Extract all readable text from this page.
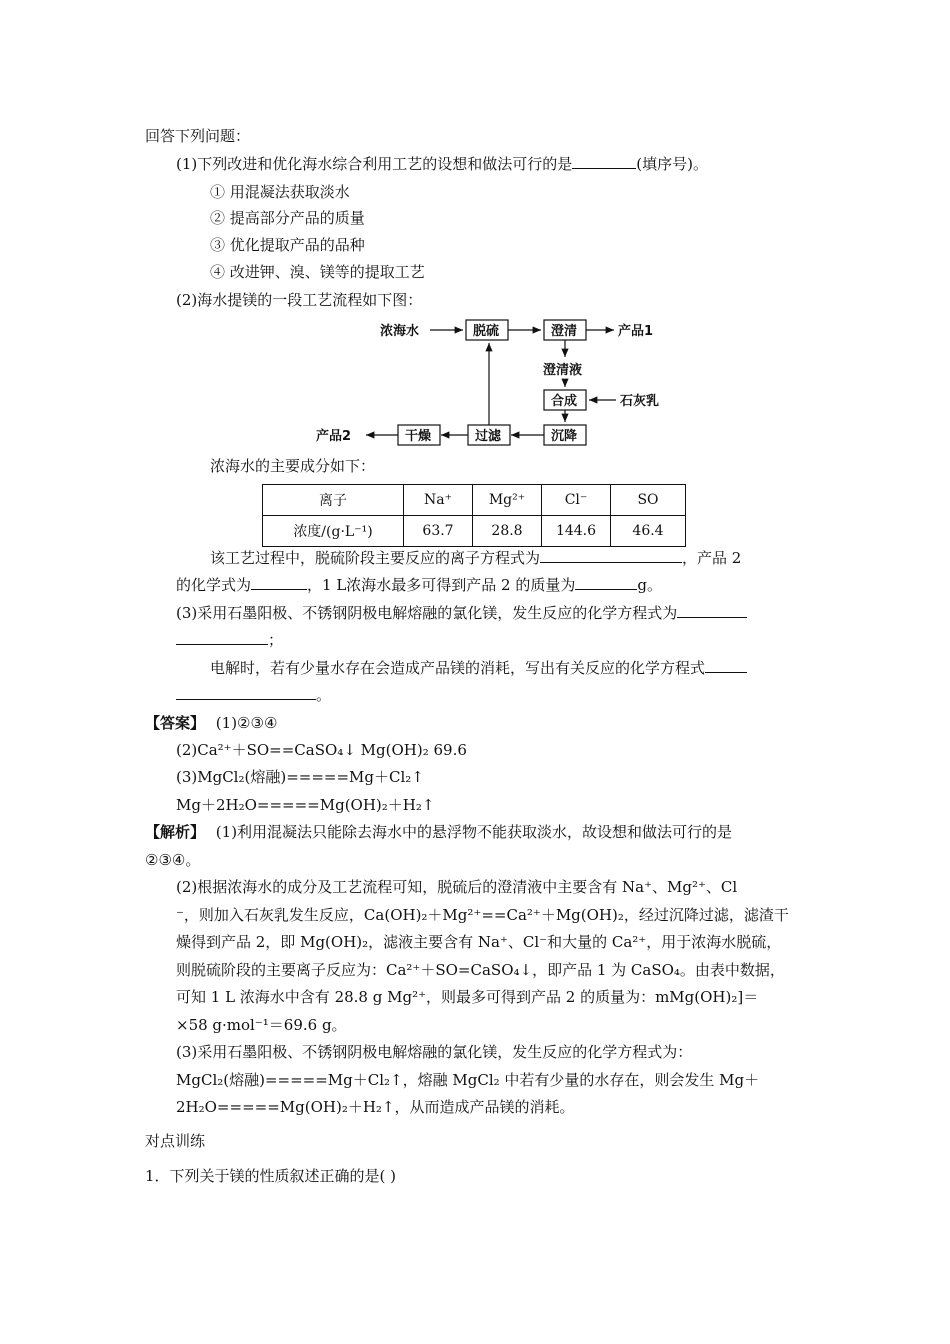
回答下列问题：
(1)下列改进和优化海水综合利用工艺的设想和做法可行的是	(填序号)。
① 用混凝法获取淡水
② 提高部分产品的质量
③ 优化提取产品的品种
④ 改进钾、溴、镁等的提取工艺
(2)海水提镁的一段工艺流程如下图：
浓海水	脱硫	澄清	产品1
澄清液
合成	石灰乳
沉降
过滤
干燥
产品2
浓海水的主要成分如下：
离子	Na⁺	Mg²⁺	Cl⁻	SO
浓度/(g·L⁻¹)	63.7	28.8	144.6	46.4
该工艺过程中，脱硫阶段主要反应的离子方程式为	，产品 2
的化学式为	，1 L浓海水最多可得到产品 2 的质量为	g。
(3)采用石墨阳极、不锈钢阴极电解熔融的氯化镁，发生反应的化学方程式为
；
电解时，若有少量水存在会造成产品镁的消耗，写出有关反应的化学方程式
。
【答案】 (1)②③④
(2)Ca²⁺＋SO==CaSO₄↓ Mg(OH)₂ 69.6
(3)MgCl₂(熔融)=====Mg＋Cl₂↑
Mg＋2H₂O=====Mg(OH)₂＋H₂↑
【解析】 (1)利用混凝法只能除去海水中的悬浮物不能获取淡水，故设想和做法可行的是
②③④。
(2)根据浓海水的成分及工艺流程可知，脱硫后的澄清液中主要含有 Na⁺、Mg²⁺、Cl
⁻，则加入石灰乳发生反应，Ca(OH)₂＋Mg²⁺==Ca²⁺＋Mg(OH)₂，经过沉降过滤，滤渣干
燥得到产品 2，即 Mg(OH)₂，滤液主要含有 Na⁺、Cl⁻和大量的 Ca²⁺，用于浓海水脱硫，
则脱硫阶段的主要离子反应为：Ca²⁺＋SO=CaSO₄↓，即产品 1 为 CaSO₄。由表中数据，
可知 1 L 浓海水中含有 28.8 g Mg²⁺，则最多可得到产品 2 的质量为：mMg(OH)₂]＝
×58 g·mol⁻¹＝69.6 g。
(3)采用石墨阳极、不锈钢阴极电解熔融的氯化镁，发生反应的化学方程式为：
MgCl₂(熔融)=====Mg＋Cl₂↑，熔融 MgCl₂ 中若有少量的水存在，则会发生 Mg＋
2H₂O=====Mg(OH)₂＋H₂↑，从而造成产品镁的消耗。
对点训练
1．下列关于镁的性质叙述正确的是( )
